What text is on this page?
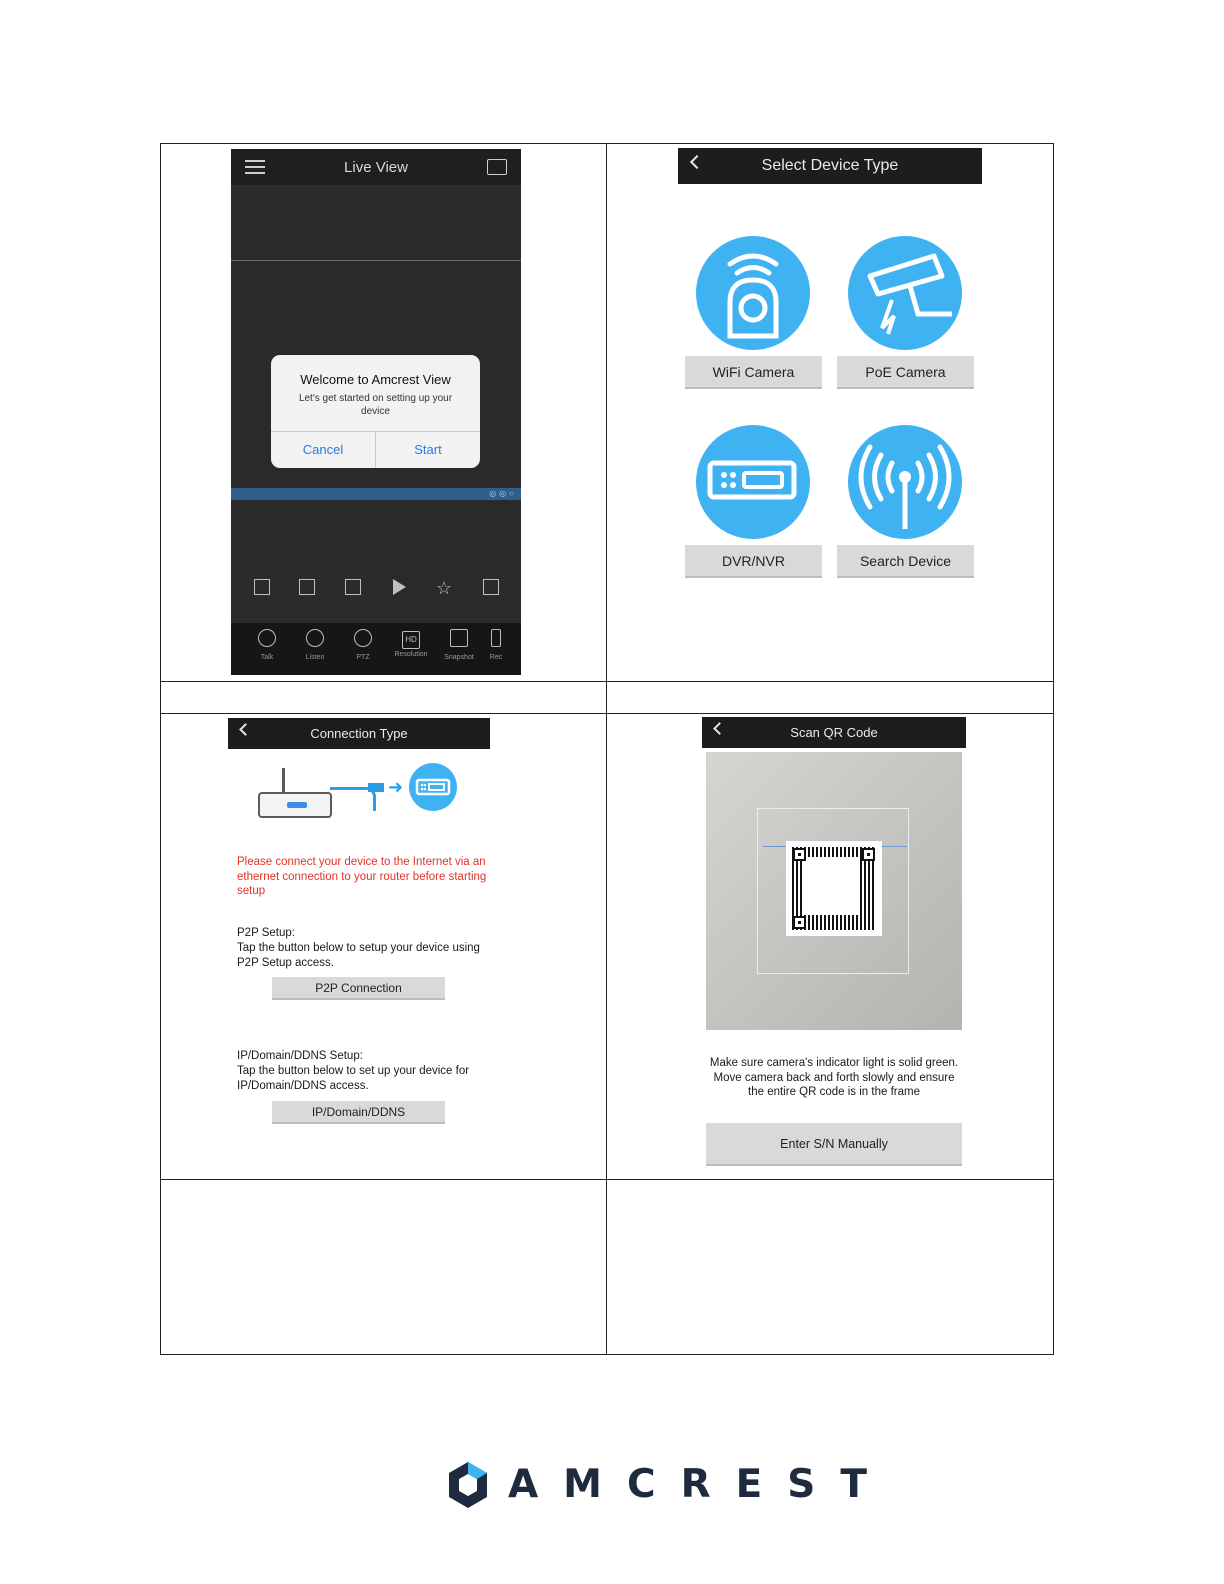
Live View
◎◎○
Welcome to Amcrest View
Let's get started on setting up your device
Cancel	Start
☆
Talk	Listen	PTZ
HD
Resolution	Snapshot	Rec
Select Device Type
WiFi Camera	PoE Camera
DVR/NVR	Search Device
Connection Type
➜
Please connect your device to the Internet via an ethernet connection to your router before starting setup
P2P Setup:
Tap the button below to setup your device using P2P Setup access.
P2P Connection
IP/Domain/DDNS Setup:
Tap the button below to set up your device for IP/Domain/DDNS access.
IP/Domain/DDNS
Scan QR Code
Make sure camera's indicator light is solid green. Move camera back and forth slowly and ensure the entire QR code is in the frame
Enter S/N Manually
AMCREST
